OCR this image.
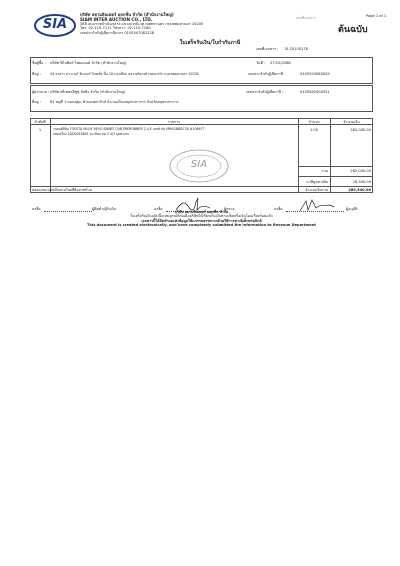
Page 1 of 1
เลขที่เอกสาร
SIA
บริษัท สยามอินเตอร์ ออกชั่น จำกัด (สำนักงานใหญ่)
SIAM INTER AUCTION CO., LTD.
388 ถนนราชดำเนินกลาง แขวงบวรนิเวศ เขตพระนคร กรุงเทพมหานคร 10200
โทร. 02-119-7111 โทรสาร. 02-119-7180
เลขประจำตัวผู้เสียภาษีอากร 0105547081228	ต้นฉบับ
ใบเสร็จรับเงิน/ใบกำกับภาษี
เลขที่เอกสาร : SI-25100178
ชื่อผู้ซื้อ : บริษัท ฟิโลฟิตร์ ไทยแลนด์ จำกัด (สำนักงานใหญ่)	วันที่ : 27/10/2568
ที่อยู่ :	44 อาคาร ทาวเวอร์ ฟิวเจอร์ ไทยเพ็ง ชั้น 20 ถนนสีลม แขวงสุริยวงศ์ เขตบางรัก กรุงเทพมหานคร 10330	เลขประจำตัวผู้เสียภาษี :	0105553063029
ผู้ฝากขาย : บริษัท ตรีเพชรอีซูซุ ลิสซิ่ง จำกัด (สำนักงานใหญ่)	เลขประจำตัวผู้เสียภาษี :	0105562000921
ที่อยู่ :	61 หมู่ที่ 1 ถนนสุขุม ตำบลเทพารักษ์ อำเภอเมืองสมุทรปราการ จังหวัดสมุทรปราการ
ลำดับที่	รายการ	จำนวน	จำนวนเงิน
1	รถยนต์ยี่ห้อ TOYOTA HILUX REVO SMART CAB PRERUNNER 2.4 E เลขตัวถัง MR0GB8DC30 #106677
เลขเครื่อง 2GD0016851 ทะเบียน บท 2 4/3 จุดพวงรถ
1.00	262,000.00
SIA
รวม	262,000.00
ภาษีมูลค่าเพิ่ม	18,340.00
สองแสนแปดหมื่นสามร้อยสี่สิบบาทถ้วน	จำนวนเงินรวม	280,340.00
ลงชื่อ	ผู้ติดต่ำ/ผู้รับเงิน	ลงชื่อ	ผู้ตรวจ	ลงชื่อ	ผู้อนุมัติ
บริษัท สยามอินเตอร์ ออกชั่น จำกัด
ใบเสร็จรับเงินฉบับนี้จะสมบูรณ์ก็ต่อเมื่อบริษัทได้เรียกเก็บเงินตามเช็คหรือเงินโอนเรียบร้อยแล้ว
เอกสารนี้ได้จัดทำและส่งข้อมูลให้แก่กรมสรรพากรด้วยวิธีการทางอิเล็กทรอนิกส์
This document is created electronically, and have completely submitted the information to Revenue Department
